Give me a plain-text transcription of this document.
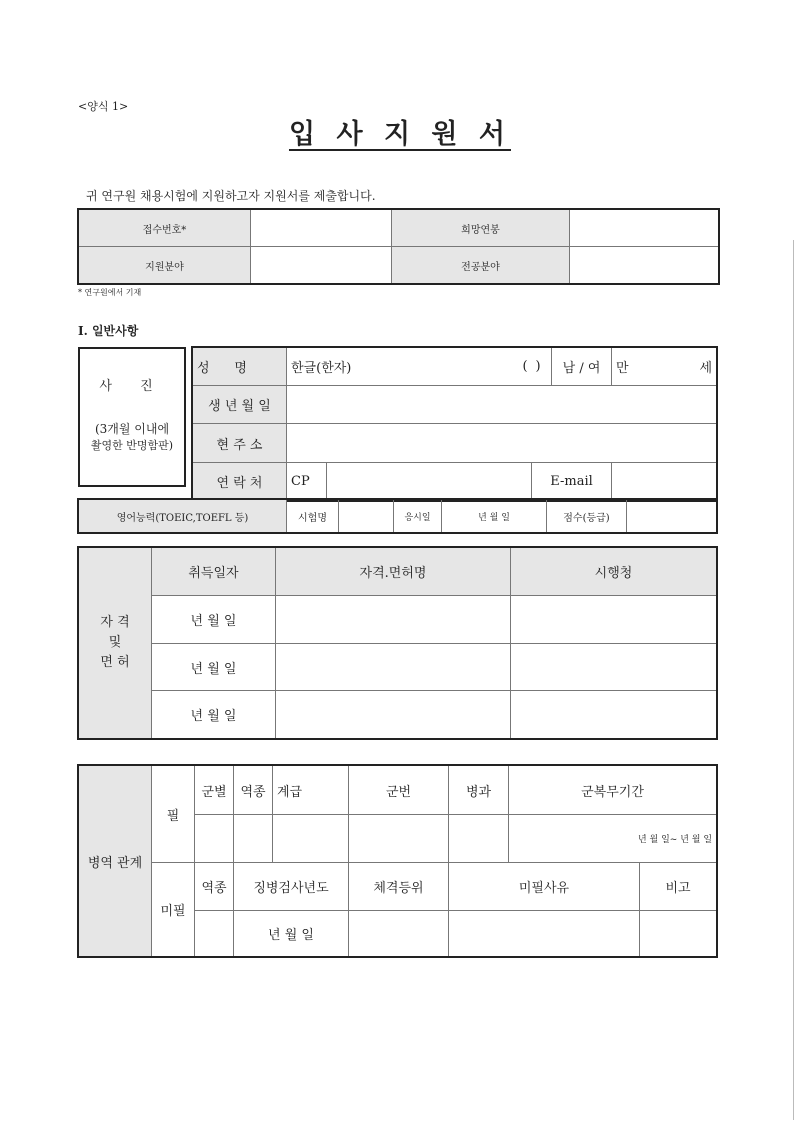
<양식 1>
입 사 지 원 서
귀 연구원 채용시험에 지원하고자 지원서를 제출합니다.
접수번호*		희망연봉	
지원분야		전공분야	
* 연구원에서 기재
Ⅰ. 일반사항
사 진
(3개월 이내에
촬영한 반명함판)
성      명	한글(한자)		(	)	남 / 여	만	세
생 년 월 일							
현 주 소							
연 락 처	CP			E-mail			
영어능력(TOEIC,TOEFL 등)	시험명		응시일	년 월 일	점수(등급)	
자 격
및
면 허	취득일자	자격.면허명	시행청
	년 월 일		
	년 월 일		
	년 월 일		
병역 관계	필	군별	역종	계급	군번	병과	군복무기간	
							년 월 일~ 년 월 일	
	미필	역종	징병검사년도		체격등위	미필사유		비고
			년 월 일					
